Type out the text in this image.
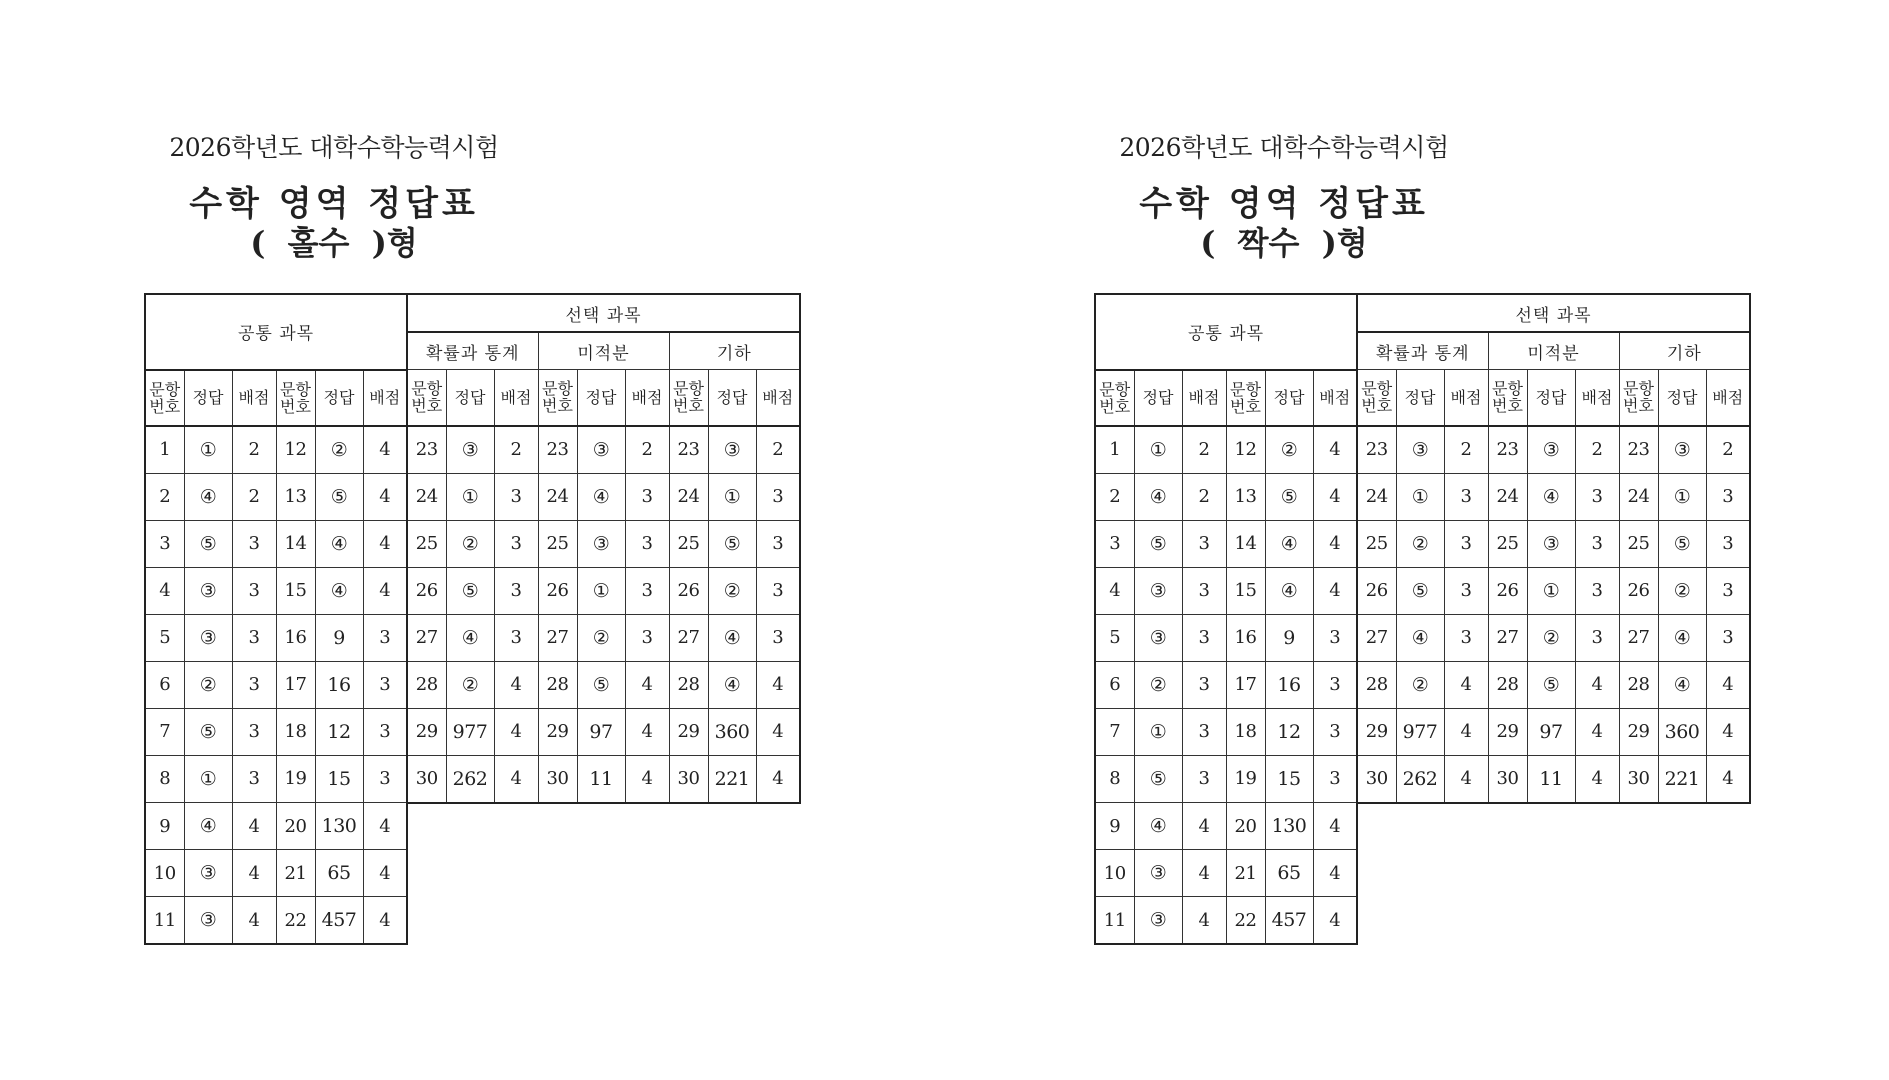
2026학년도 대학수학능력시험
수학 영역 정답표
(  홀수  )형
공통 과목						선택 과목								
						확률과 통계			미적분			기하		
문항
번호	정답	배점	문항
번호	정답	배점	문항
번호	정답	배점	문항
번호	정답	배점	문항
번호	정답	배점
1	①	2	12	②	4	23	③	2	23	③	2	23	③	2
2	④	2	13	⑤	4	24	①	3	24	④	3	24	①	3
3	⑤	3	14	④	4	25	②	3	25	③	3	25	⑤	3
4	③	3	15	④	4	26	⑤	3	26	①	3	26	②	3
5	③	3	16	9	3	27	④	3	27	②	3	27	④	3
6	②	3	17	16	3	28	②	4	28	⑤	4	28	④	4
7	⑤	3	18	12	3	29	977	4	29	97	4	29	360	4
8	①	3	19	15	3	30	262	4	30	11	4	30	221	4
9	④	4	20	130	4									
10	③	4	21	65	4									
11	③	4	22	457	4									
2026학년도 대학수학능력시험
수학 영역 정답표
(  짝수  )형
공통 과목						선택 과목								
						확률과 통계			미적분			기하		
문항
번호	정답	배점	문항
번호	정답	배점	문항
번호	정답	배점	문항
번호	정답	배점	문항
번호	정답	배점
1	①	2	12	②	4	23	③	2	23	③	2	23	③	2
2	④	2	13	⑤	4	24	①	3	24	④	3	24	①	3
3	⑤	3	14	④	4	25	②	3	25	③	3	25	⑤	3
4	③	3	15	④	4	26	⑤	3	26	①	3	26	②	3
5	③	3	16	9	3	27	④	3	27	②	3	27	④	3
6	②	3	17	16	3	28	②	4	28	⑤	4	28	④	4
7	①	3	18	12	3	29	977	4	29	97	4	29	360	4
8	⑤	3	19	15	3	30	262	4	30	11	4	30	221	4
9	④	4	20	130	4									
10	③	4	21	65	4									
11	③	4	22	457	4									
